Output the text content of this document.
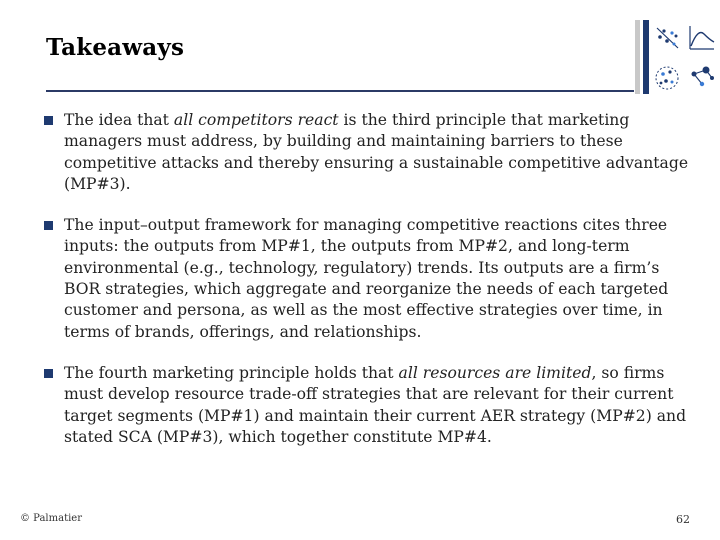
Takeaways
The idea that all competitors react is the third principle that marketing managers must address, by building and maintaining barriers to these competitive attacks and thereby ensuring a sustainable competitive advantage (MP#3).
The input–output framework for managing competitive reactions cites three inputs: the outputs from MP#1, the outputs from MP#2, and long-term environmental (e.g., technology, regulatory) trends. Its outputs are a firm’s BOR strategies, which aggregate and reorganize the needs of each targeted customer and persona, as well as the most effective strategies over time, in terms of brands, offerings, and relationships.
The fourth marketing principle holds that all resources are limited, so firms must develop resource trade-off strategies that are relevant for their current target segments (MP#1) and maintain their current AER strategy (MP#2) and stated SCA (MP#3), which together constitute MP#4.
© Palmatier	62
